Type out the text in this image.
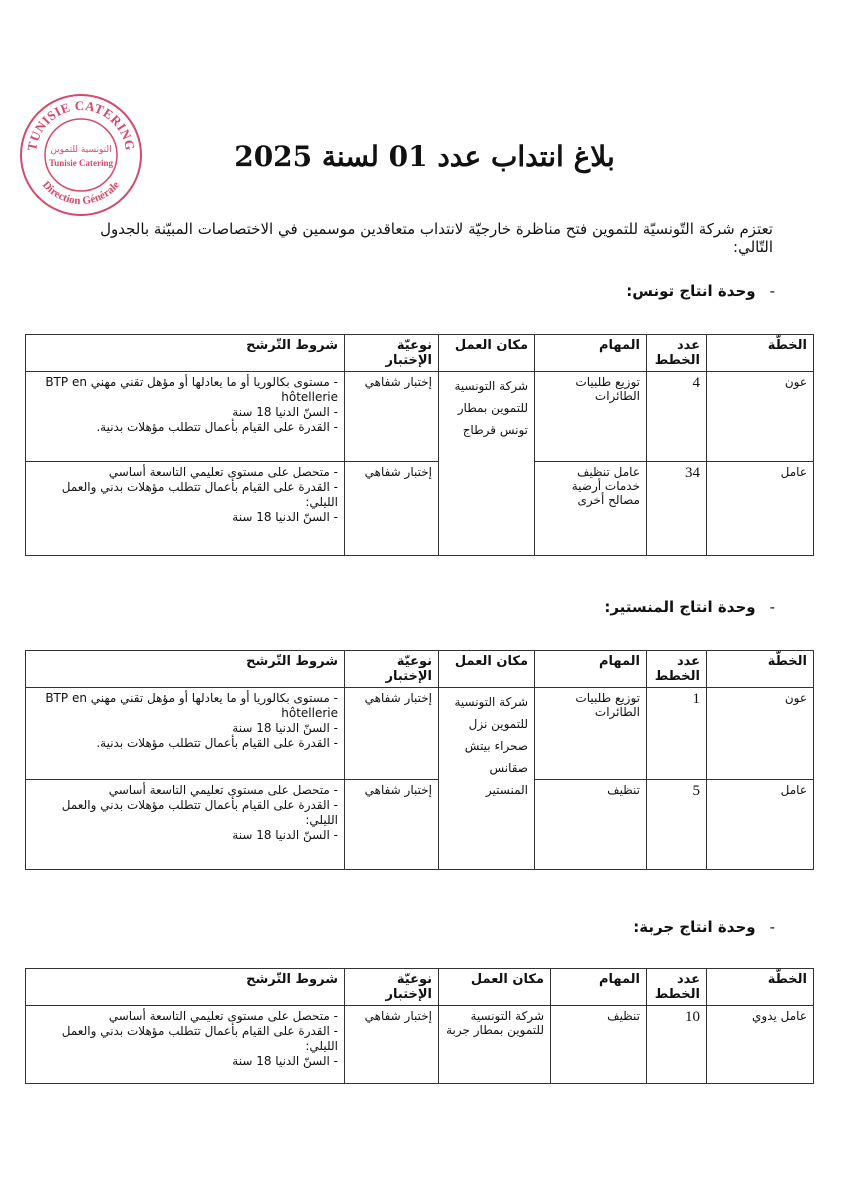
TUNISIE CATERING
Direction Générale
التونسية للتموين
Tunisie Catering	بلاغ انتداب عدد 01 لسنة 2025
تعتزم شركة التّونسيّة للتموين فتح مناظرة خارجيّة لانتداب متعاقدين موسمين في الاختصاصات المبيّنة بالجدول التّالي:
-وحدة انتاج تونس:
الخطّة	عدد الخطط	المهام	مكان العمل	نوعيّة الإختبار	شروط التّرشح
عون	4	توزيع طلبيات الطائرات	شركة التونسية للتموين بمطار تونس قرطاج	إختبار شفاهي	- مستوى بكالوريا أو ما يعادلها أو مؤهل تقني مهني BTP en hôtellerie
- السنّ الدنيا 18 سنة
- القدرة على القيام بأعمال تتطلب مؤهلات بدنية.

عامل	34	عامل تنظيف خدمات أرضية مصالح أخرى		إختبار شفاهي	- متحصل على مستوى تعليمي التاسعة أساسي
- القدرة على القيام بأعمال تتطلب مؤهلات بدني والعمل الليلي:
- السنّ الدنيا 18 سنة
-وحدة انتاج المنستير:
الخطّة	عدد الخطط	المهام	مكان العمل	نوعيّة الإختبار	شروط التّرشح
عون	1	توزيع طلبيات الطائرات	شركة التونسية للتموين نزل صحراء بيتش صقانس المنستير	إختبار شفاهي	- مستوى بكالوريا أو ما يعادلها أو مؤهل تقني مهني BTP en hôtellerie
- السنّ الدنيا 18 سنة
- القدرة على القيام بأعمال تتطلب مؤهلات بدنية.

عامل	5	تنظيف		إختبار شفاهي	- متحصل على مستوى تعليمي التاسعة أساسي
- القدرة على القيام بأعمال تتطلب مؤهلات بدني والعمل الليلي:
- السنّ الدنيا 18 سنة
-وحدة انتاج جربة:
الخطّة	عدد الخطط	المهام	مكان العمل	نوعيّة الإختبار	شروط التّرشح
عامل يدوي	10	تنظيف	شركة التونسية للتموين بمطار جربة	إختبار شفاهي	- متحصل على مستوى تعليمي التاسعة أساسي
- القدرة على القيام بأعمال تتطلب مؤهلات بدني والعمل الليلي:
- السنّ الدنيا 18 سنة
